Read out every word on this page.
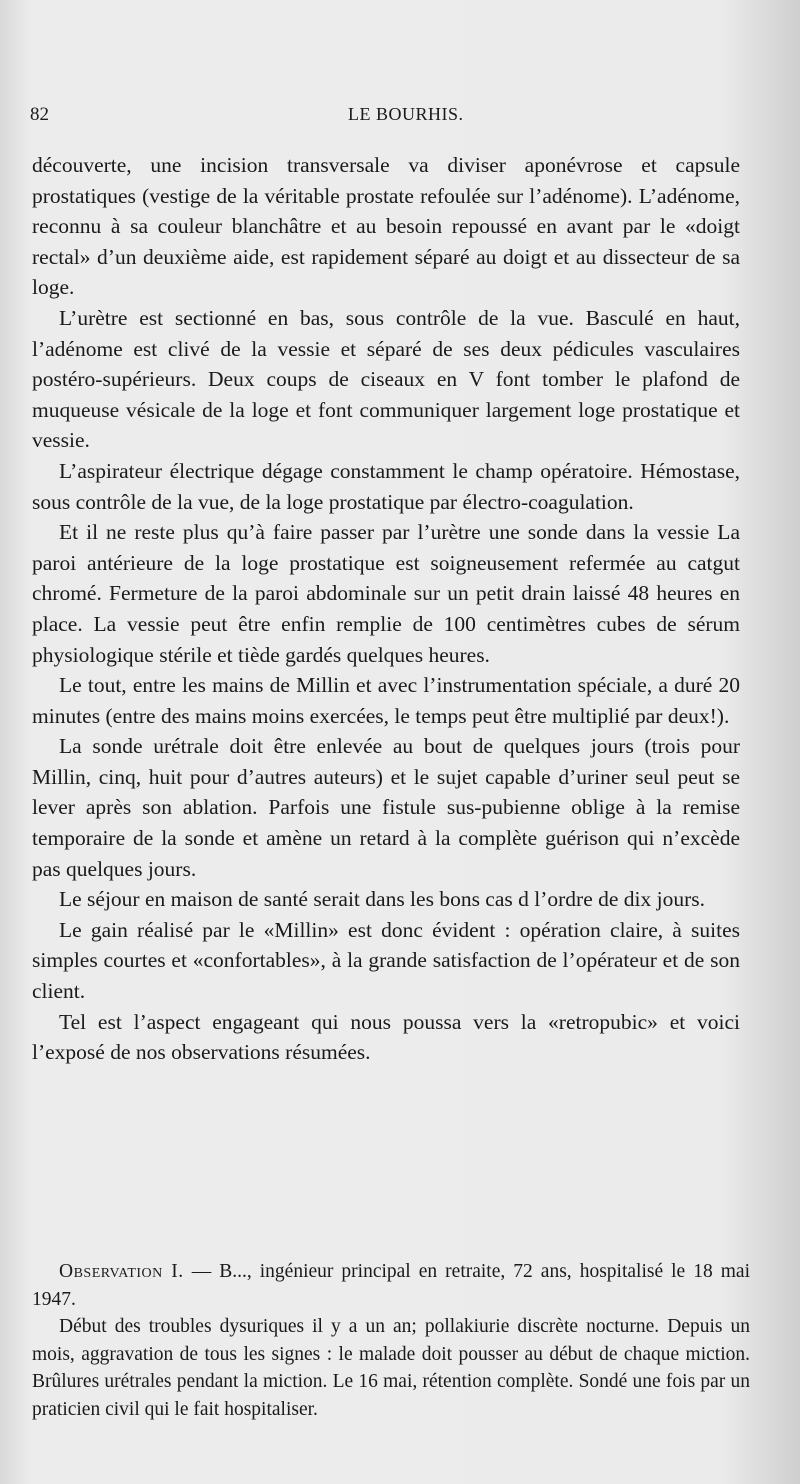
82	LE BOURHIS.

découverte, une incision transversale va diviser aponévrose et capsule prostatiques (vestige de la véritable prostate refoulée sur l’adénome). L’adénome, reconnu à sa couleur blanchâtre et au besoin repoussé en avant par le «doigt rectal» d’un deuxième aide, est rapidement séparé au doigt et au dissecteur de sa loge.

L’urètre est sectionné en bas, sous contrôle de la vue. Basculé en haut, l’adénome est clivé de la vessie et séparé de ses deux pédicules vasculaires postéro-supérieurs. Deux coups de ciseaux en V font tomber le plafond de muqueuse vésicale de la loge et font communiquer largement loge prostatique et vessie.

L’aspirateur électrique dégage constamment le champ opératoire. Hémostase, sous contrôle de la vue, de la loge prostatique par électro-coagulation.

Et il ne reste plus qu’à faire passer par l’urètre une sonde dans la vessie La paroi antérieure de la loge prostatique est soigneusement refermée au catgut chromé. Fermeture de la paroi abdominale sur un petit drain laissé 48 heures en place. La vessie peut être enfin remplie de 100 centimètres cubes de sérum physiologique stérile et tiède gardés quelques heures.

Le tout, entre les mains de Millin et avec l’instrumentation spéciale, a duré 20 minutes (entre des mains moins exercées, le temps peut être multiplié par deux!).

La sonde urétrale doit être enlevée au bout de quelques jours (trois pour Millin, cinq, huit pour d’autres auteurs) et le sujet capable d’uriner seul peut se lever après son ablation. Parfois une fistule sus-pubienne oblige à la remise temporaire de la sonde et amène un retard à la complète guérison qui n’excède pas quelques jours.

Le séjour en maison de santé serait dans les bons cas d l’ordre de dix jours.

Le gain réalisé par le «Millin» est donc évident : opération claire, à suites simples courtes et «confortables», à la grande satisfaction de l’opérateur et de son client.

Tel est l’aspect engageant qui nous poussa vers la «retropubic» et voici l’exposé de nos observations résumées.

Observation I. — B..., ingénieur principal en retraite, 72 ans, hospitalisé le 18 mai 1947.

Début des troubles dysuriques il y a un an; pollakiurie discrète nocturne. Depuis un mois, aggravation de tous les signes : le malade doit pousser au début de chaque miction. Brûlures urétrales pendant la miction. Le 16 mai, rétention complète. Sondé une fois par un praticien civil qui le fait hospitaliser.
